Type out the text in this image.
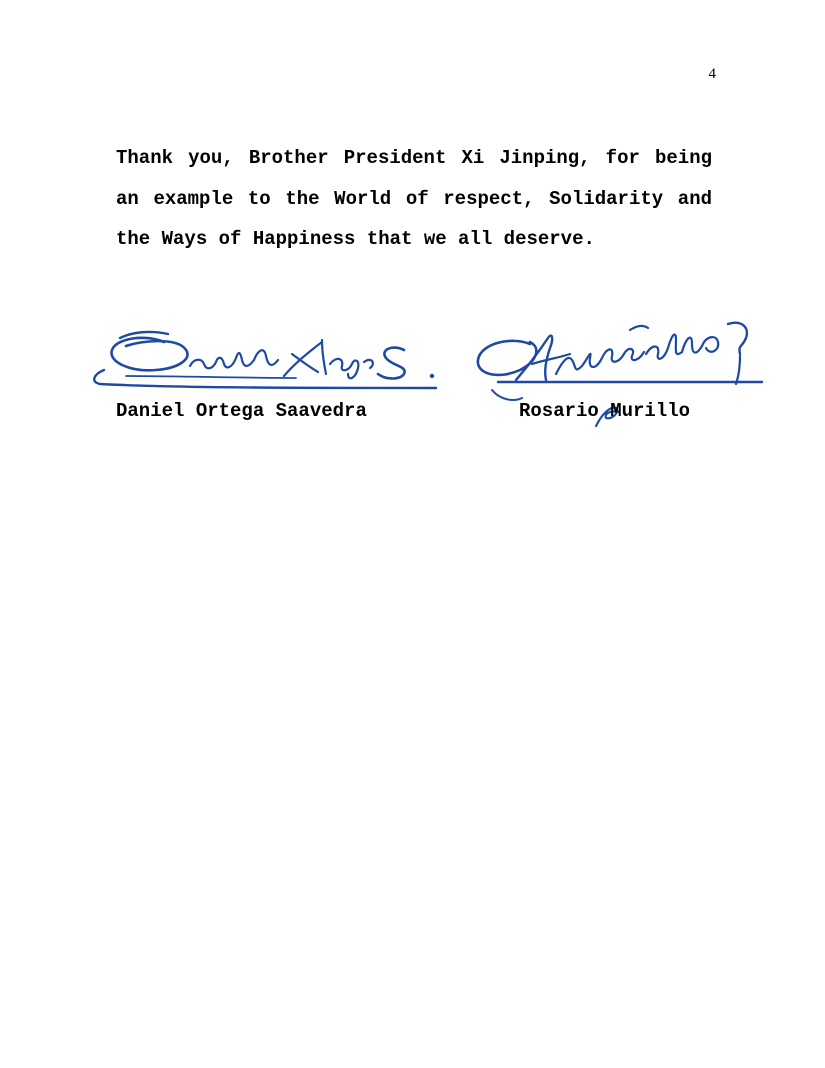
4

Thank you, Brother President Xi Jinping, for being an example to the World of respect, Solidarity and the Ways of Happiness that we all deserve.

Daniel Ortega Saavedra	Rosario Murillo
